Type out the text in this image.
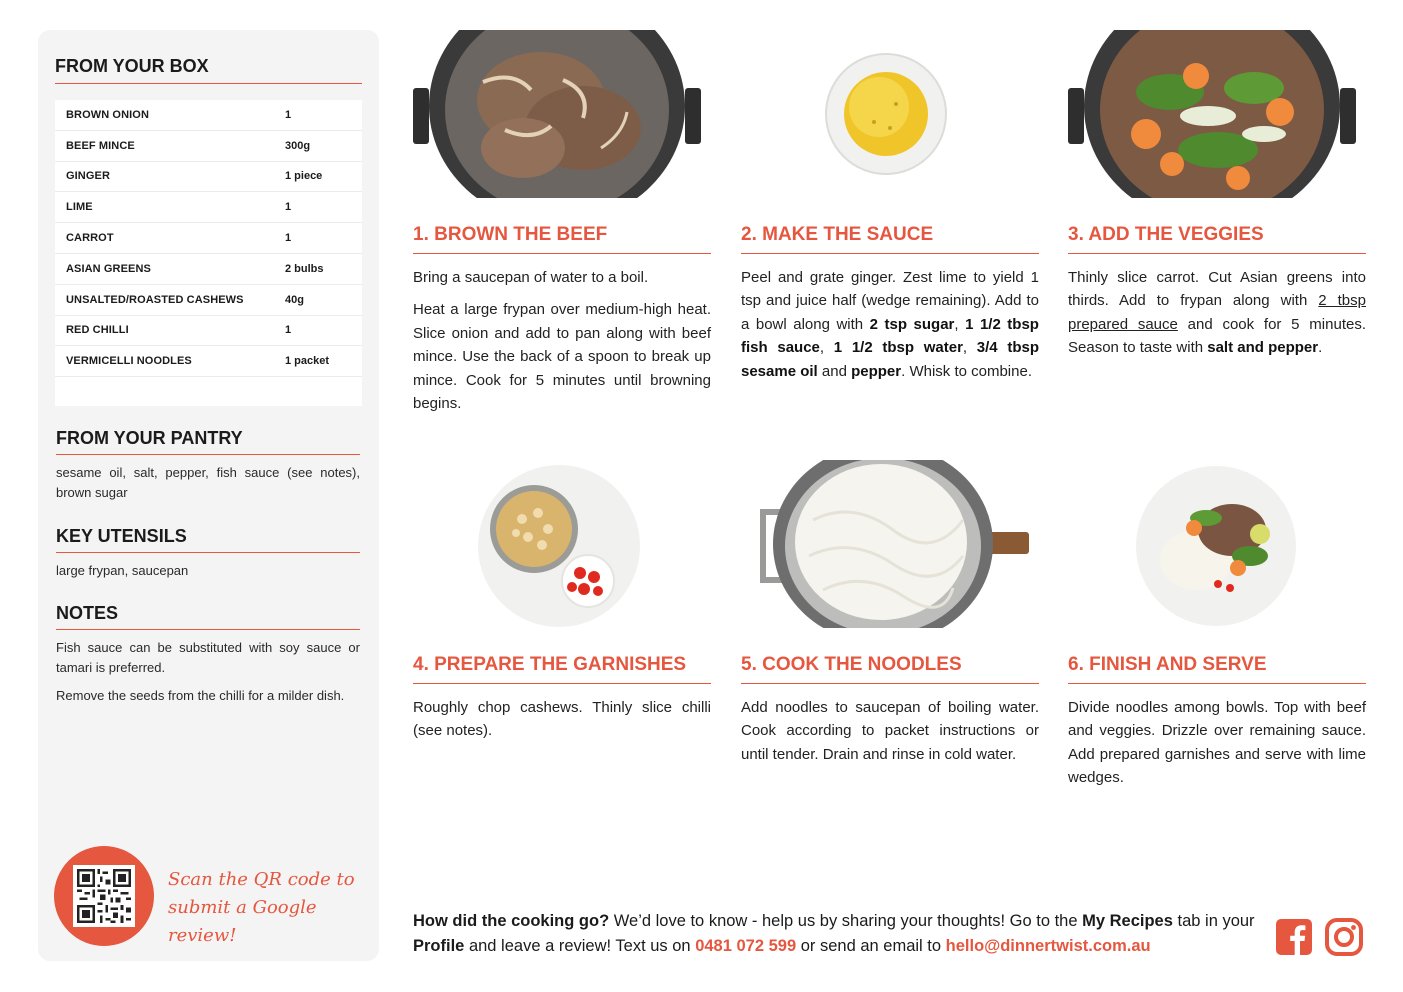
FROM YOUR BOX
BROWN ONION	1
BEEF MINCE	300g
GINGER	1 piece
LIME	1
CARROT	1
ASIAN GREENS	2 bulbs
UNSALTED/ROASTED CASHEWS	40g
RED CHILLI	1
VERMICELLI NOODLES	1 packet
FROM YOUR PANTRY
sesame oil, salt, pepper, fish sauce (see notes), brown sugar
KEY UTENSILS
large frypan, saucepan
NOTES
Fish sauce can be substituted with soy sauce or tamari is preferred.
Remove the seeds from the chilli for a milder dish.
Scan the QR code to
submit a Google review!
1. BROWN THE BEEF

Bring a saucepan of water to a boil.

Heat a large frypan over medium-high heat. Slice onion and add to pan along with beef mince. Use the back of a spoon to break up mince. Cook for 5 minutes until browning begins.

2. MAKE THE SAUCE

Peel and grate ginger. Zest lime to yield 1 tsp and juice half (wedge remaining). Add to a bowl along with 2 tsp sugar, 1 1/2 tbsp fish sauce, 1 1/2 tbsp water, 3/4 tbsp sesame oil and pepper. Whisk to combine.

3. ADD THE VEGGIES

Thinly slice carrot. Cut Asian greens into thirds. Add to frypan along with 2 tbsp prepared sauce and cook for 5 minutes. Season to taste with salt and pepper.

4. PREPARE THE GARNISHES

Roughly chop cashews. Thinly slice chilli (see notes).

5. COOK THE NOODLES

Add noodles to saucepan of boiling water. Cook according to packet instructions or until tender. Drain and rinse in cold water.

6. FINISH AND SERVE

Divide noodles among bowls. Top with beef and veggies. Drizzle over remaining sauce. Add prepared garnishes and serve with lime wedges.

How did the cooking go? We’d love to know - help us by sharing your thoughts! Go to the My Recipes tab in your Profile and leave a review! Text us on 0481 072 599 or send an email to hello@dinnertwist.com.au
